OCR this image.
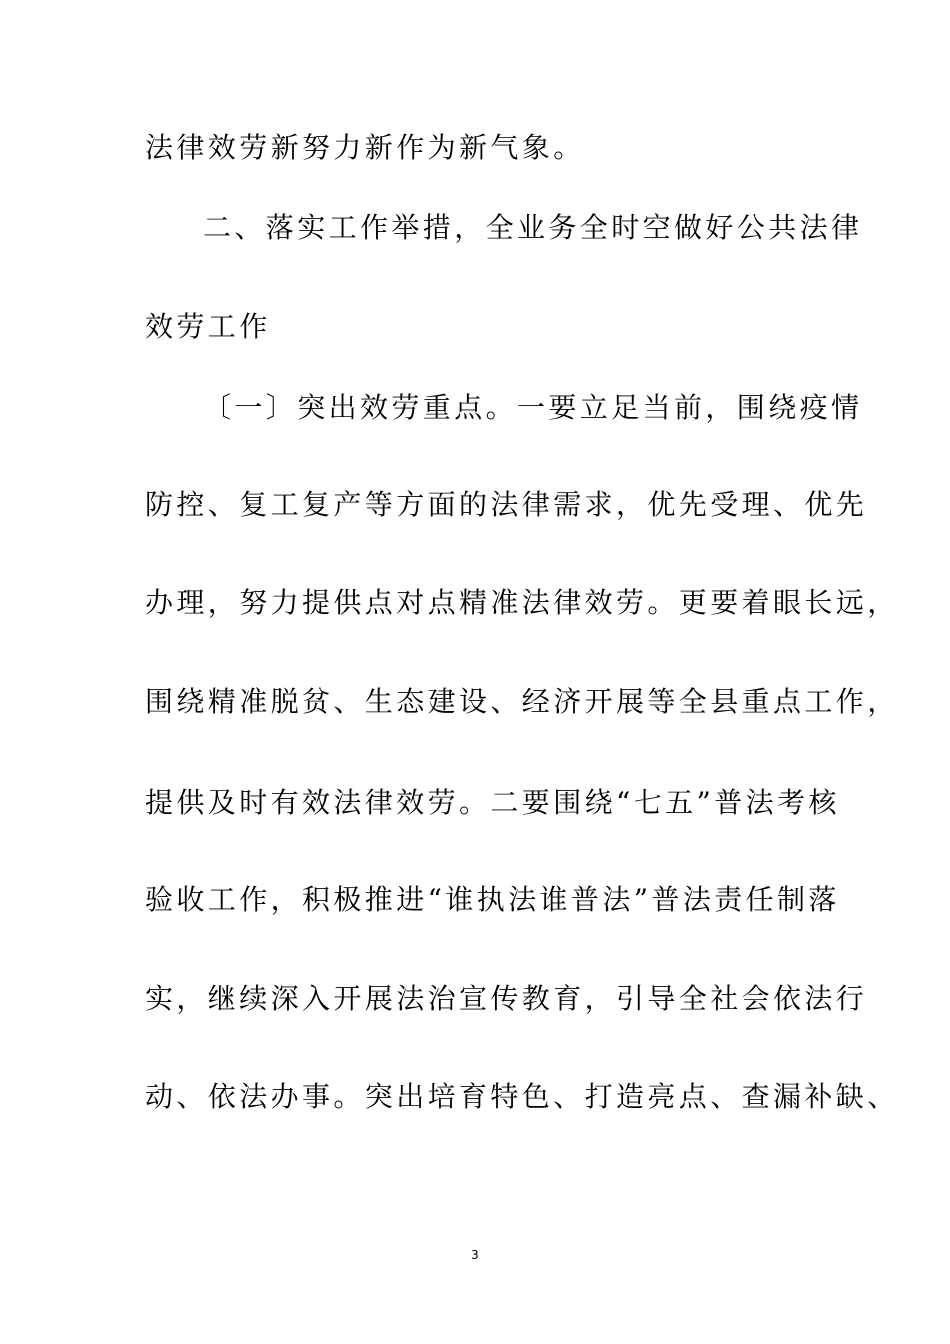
法律效劳新努力新作为新气象。
二、落实工作举措，全业务全时空做好公共法律
效劳工作
〔一〕突出效劳重点。一要立足当前，围绕疫情
防控、复工复产等方面的法律需求，优先受理、优先
办理，努力提供点对点精准法律效劳。更要着眼长远，
围绕精准脱贫、生态建设、经济开展等全县重点工作，
提供及时有效法律效劳。二要围绕“七五”普法考核
验收工作，积极推进“谁执法谁普法”普法责任制落
实，继续深入开展法治宣传教育，引导全社会依法行
动、依法办事。突出培育特色、打造亮点、查漏补缺、
3
